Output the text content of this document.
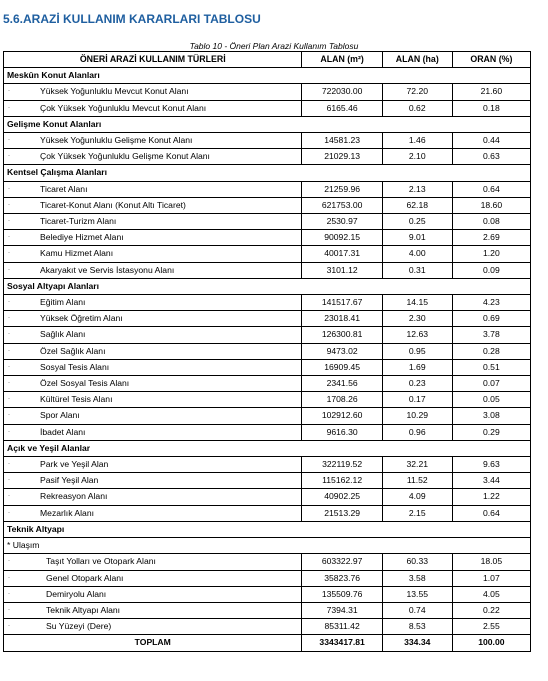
5.6.ARAZİ KULLANIM KARARLARI TABLOSU
Tablo 10 - Öneri Plan Arazi Kullanım Tablosu
ÖNERİ ARAZİ KULLANIM TÜRLERİ		ALAN (m²)	ALAN (ha)	ORAN (%)
Meskûn Konut Alanları				
·	Yüksek Yoğunluklu Mevcut Konut Alanı	722030.00	72.20	21.60
·	Çok Yüksek Yoğunluklu Mevcut Konut Alanı	6165.46	0.62	0.18
Gelişme Konut Alanları				
·	Yüksek Yoğunluklu Gelişme Konut Alanı	14581.23	1.46	0.44
·	Çok Yüksek Yoğunluklu Gelişme Konut Alanı	21029.13	2.10	0.63
Kentsel Çalışma Alanları				
·	Ticaret Alanı	21259.96	2.13	0.64
·	Ticaret-Konut Alanı (Konut Altı Ticaret)	621753.00	62.18	18.60
·	Ticaret-Turizm Alanı	2530.97	0.25	0.08
·	Belediye Hizmet Alanı	90092.15	9.01	2.69
·	Kamu Hizmet Alanı	40017.31	4.00	1.20
·	Akaryakıt ve Servis İstasyonu Alanı	3101.12	0.31	0.09
Sosyal Altyapı Alanları				
·	Eğitim Alanı	141517.67	14.15	4.23
·	Yüksek Öğretim Alanı	23018.41	2.30	0.69
·	Sağlık Alanı	126300.81	12.63	3.78
·	Özel Sağlık Alanı	9473.02	0.95	0.28
·	Sosyal Tesis Alanı	16909.45	1.69	0.51
·	Özel Sosyal Tesis Alanı	2341.56	0.23	0.07
·	Kültürel Tesis Alanı	1708.26	0.17	0.05
·	Spor Alanı	102912.60	10.29	3.08
·	İbadet Alanı	9616.30	0.96	0.29
Açık ve Yeşil Alanlar				
·	Park ve Yeşil Alan	322119.52	32.21	9.63
·	Pasif Yeşil Alan	115162.12	11.52	3.44
·	Rekreasyon Alanı	40902.25	4.09	1.22
·	Mezarlık Alanı	21513.29	2.15	0.64
Teknik Altyapı				
* Ulaşım				
·	Taşıt Yolları ve Otopark Alanı	603322.97	60.33	18.05
·	Genel Otopark Alanı	35823.76	3.58	1.07
·	Demiryolu Alanı	135509.76	13.55	4.05
·	Teknik Altyapı Alanı	7394.31	0.74	0.22
·	Su Yüzeyi (Dere)	85311.42	8.53	2.55
TOPLAM		3343417.81	334.34	100.00
